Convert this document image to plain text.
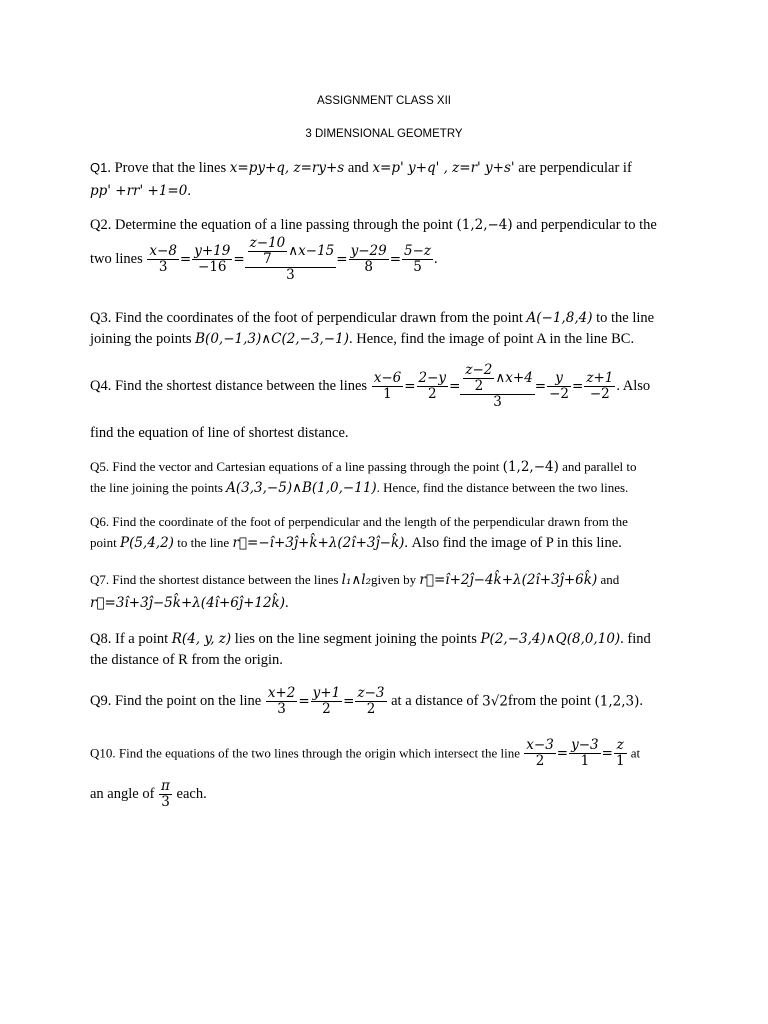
ASSIGNMENT CLASS XII
3 DIMENSIONAL GEOMETRY
Q1. Prove that the lines x=py+q, z=ry+s and x=p' y+q' , z=r' y+s' are perpendicular if
pp' +rr' +1=0.
Q2. Determine the equation of a line passing through the point (1,2,−4) and perpendicular to the
two lines $\frac{x-8}{3} = \frac{y+19}{-16} = \frac{\frac{z-10}{7} \wedge x-15}{3} = \frac{y-29}{8} = \frac{5-z}{5}$ .
Q3. Find the coordinates of the foot of perpendicular drawn from the point A(−1,8,4) to the line
joining the points B(0,−1,3)∧C(2,−3,−1). Hence, find the image of point A in the line BC.
Q4. Find the shortest distance between the lines $\frac{x-6}{1} = \frac{2-y}{2} = \frac{\frac{z-2}{2} \wedge x+4}{3} = \frac{y}{-2} = \frac{z+1}{-2}$ . Also
find the equation of line of shortest distance.
Q5. Find the vector and Cartesian equations of a line passing through the point (1,2,−4) and parallel to
the line joining the points A(3,3,−5)∧B(1,0,−11). Hence, find the distance between the two lines.
Q6. Find the coordinate of the foot of perpendicular and the length of the perpendicular drawn from the
point P(5,4,2) to the line r⃗=−î+3ĵ+k̂+λ(2î+3ĵ−k̂). Also find the image of P in this line.
Q7. Find the shortest distance between the lines l₁∧l₂given by r⃗=î+2ĵ−4k̂+λ(2î+3ĵ+6k̂) and
r⃗=3î+3ĵ−5k̂+λ(4î+6ĵ+12k̂).
Q8. If a point R(4, y, z) lies on the line segment joining the points P(2,−3,4)∧Q(8,0,10). find
the distance of R from the origin.
Q9. Find the point on the line $\frac{x+2}{3} = \frac{y+1}{2} = \frac{z-3}{2}$ at a distance of 3√2from the point (1,2,3).
Q10. Find the equations of the two lines through the origin which intersect the line $\frac{x-3}{2} = \frac{y-3}{1} = \frac{z}{1}$ at
an angle of $\frac{\pi}{3}$ each.
